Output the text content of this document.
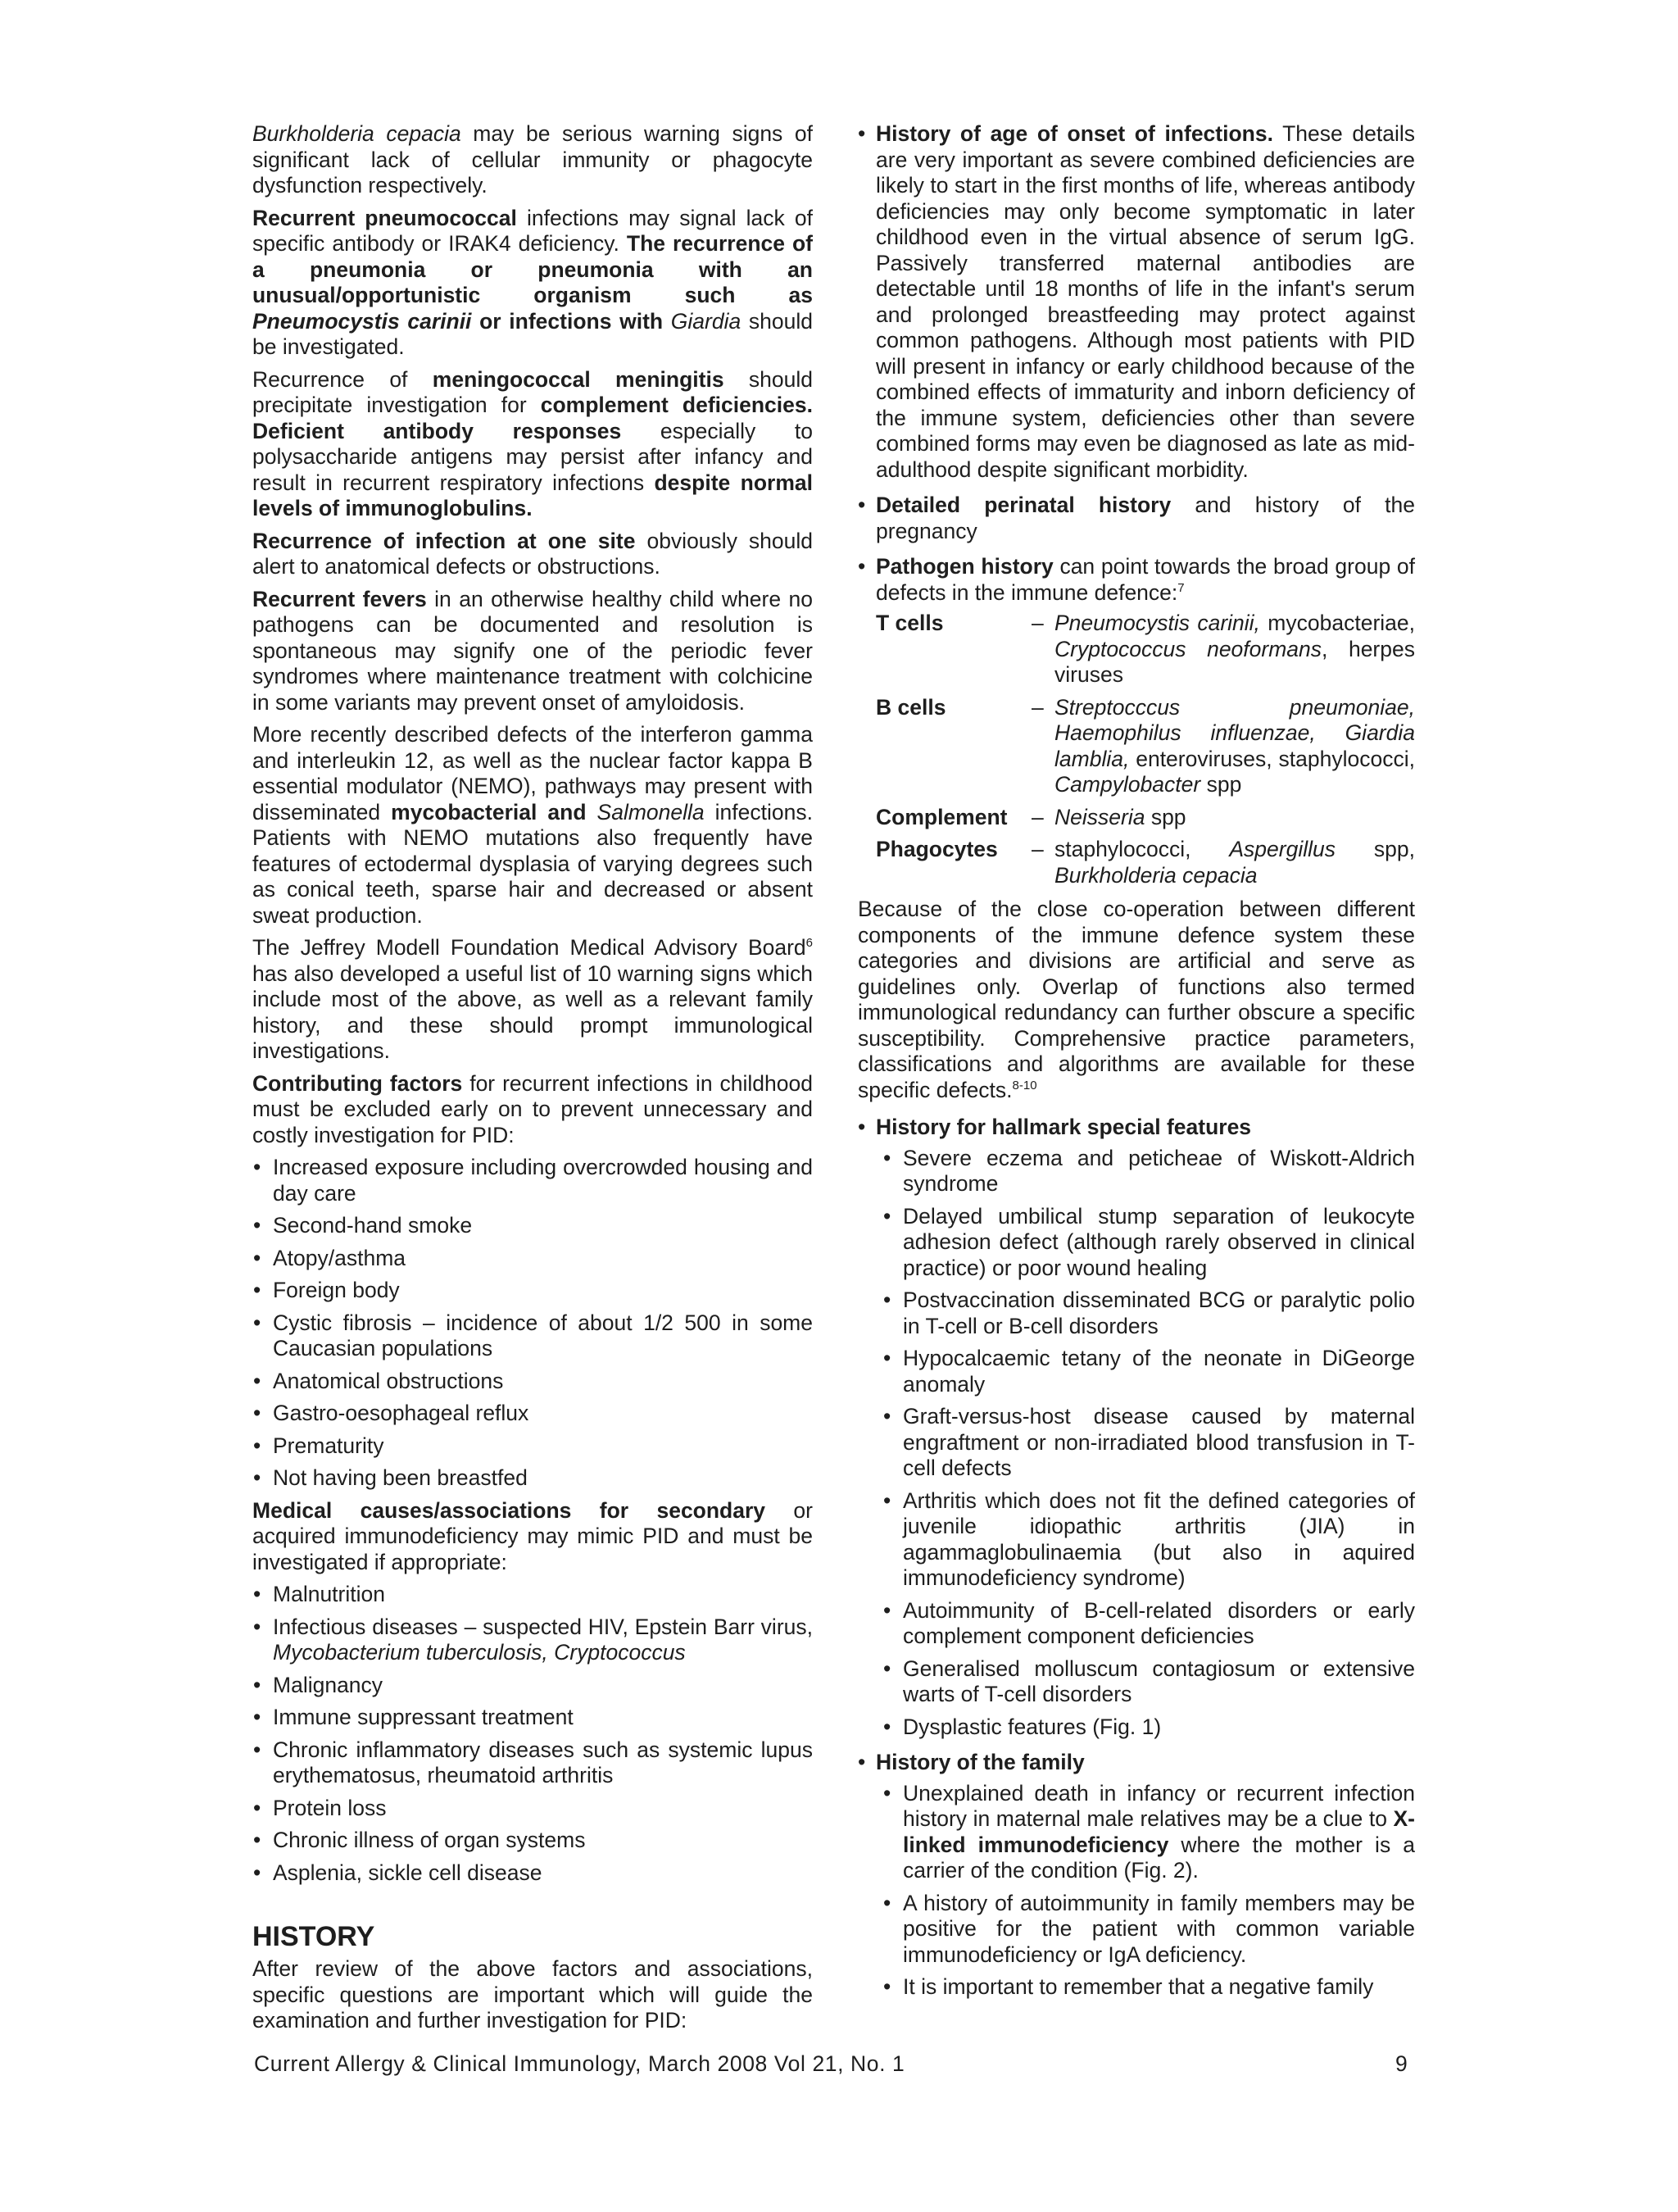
Burkholderia cepacia may be serious warning signs of significant lack of cellular immunity or phagocyte dysfunction respectively.

Recurrent pneumococcal infections may signal lack of specific antibody or IRAK4 deficiency. The recurrence of a pneumonia or pneumonia with an unusual/opportunistic organism such as Pneumocystis carinii or infections with Giardia should be investigated.

Recurrence of meningococcal meningitis should precipitate investigation for complement deficiencies. Deficient antibody responses especially to polysaccharide antigens may persist after infancy and result in recurrent respiratory infections despite normal levels of immunoglobulins.

Recurrence of infection at one site obviously should alert to anatomical defects or obstructions.

Recurrent fevers in an otherwise healthy child where no pathogens can be documented and resolution is spontaneous may signify one of the periodic fever syndromes where maintenance treatment with colchicine in some variants may prevent onset of amyloidosis.

More recently described defects of the interferon gamma and interleukin 12, as well as the nuclear factor kappa B essential modulator (NEMO), pathways may present with disseminated mycobacterial and Salmonella infections. Patients with NEMO mutations also frequently have features of ectodermal dysplasia of varying degrees such as conical teeth, sparse hair and decreased or absent sweat production.

The Jeffrey Modell Foundation Medical Advisory Board$^6$ has also developed a useful list of 10 warning signs which include most of the above, as well as a relevant family history, and these should prompt immunological investigations.

Contributing factors for recurrent infections in childhood must be excluded early on to prevent unnecessary and costly investigation for PID:

• Increased exposure including overcrowded housing and day care
• Second-hand smoke
• Atopy/asthma
• Foreign body
• Cystic fibrosis – incidence of about 1/2 500 in some Caucasian populations
• Anatomical obstructions
• Gastro-oesophageal reflux
• Prematurity
• Not having been breastfed

Medical causes/associations for secondary or acquired immunodeficiency may mimic PID and must be investigated if appropriate:

• Malnutrition
• Infectious diseases – suspected HIV, Epstein Barr virus, Mycobacterium tuberculosis, Cryptococcus
• Malignancy
• Immune suppressant treatment
• Chronic inflammatory diseases such as systemic lupus erythematosus, rheumatoid arthritis
• Protein loss
• Chronic illness of organ systems
• Asplenia, sickle cell disease
HISTORY

After review of the above factors and associations, specific questions are important which will guide the examination and further investigation for PID:

• History of age of onset of infections. These details are very important as severe combined deficiencies are likely to start in the first months of life, whereas antibody deficiencies may only become symptomatic in later childhood even in the virtual absence of serum IgG. Passively transferred maternal antibodies are detectable until 18 months of life in the infant's serum and prolonged breastfeeding may protect against common pathogens. Although most patients with PID will present in infancy or early childhood because of the combined effects of immaturity and inborn deficiency of the immune system, deficiencies other than severe combined forms may even be diagnosed as late as mid-adulthood despite significant morbidity.
• Detailed perinatal history and history of the pregnancy
• Pathogen history can point towards the broad group of defects in the immune defence:$^7$
T cells	– Pneumocystis carinii, mycobacteriae, Cryptococcus neoformans, herpes viruses
B cells	– Streptocccus pneumoniae, Haemophilus influenzae, Giardia lamblia, enteroviruses, staphylococci, Campylobacter spp
Complement	– Neisseria spp
Phagocytes	– staphylococci, Aspergillus spp, Burkholderia cepacia

Because of the close co-operation between different components of the immune defence system these categories and divisions are artificial and serve as guidelines only. Overlap of functions also termed immunological redundancy can further obscure a specific susceptibility. Comprehensive practice parameters, classifications and algorithms are available for these specific defects.$^{8-10}$

• History for hallmark special features
• Severe eczema and peticheae of Wiskott-Aldrich syndrome
• Delayed umbilical stump separation of leukocyte adhesion defect (although rarely observed in clinical practice) or poor wound healing
• Postvaccination disseminated BCG or paralytic polio in T-cell or B-cell disorders
• Hypocalcaemic tetany of the neonate in DiGeorge anomaly
• Graft-versus-host disease caused by maternal engraftment or non-irradiated blood transfusion in T-cell defects
• Arthritis which does not fit the defined categories of juvenile idiopathic arthritis (JIA) in agammaglobulinaemia (but also in aquired immunodeficiency syndrome)
• Autoimmunity of B-cell-related disorders or early complement component deficiencies
• Generalised molluscum contagiosum or extensive warts of T-cell disorders
• Dysplastic features (Fig. 1)
• History of the family
• Unexplained death in infancy or recurrent infection history in maternal male relatives may be a clue to X-linked immunodeficiency where the mother is a carrier of the condition (Fig. 2).
• A history of autoimmunity in family members may be positive for the patient with common variable immunodeficiency or IgA deficiency.
• It is important to remember that a negative family
Current Allergy & Clinical Immunology, March 2008 Vol 21, No. 1	9
